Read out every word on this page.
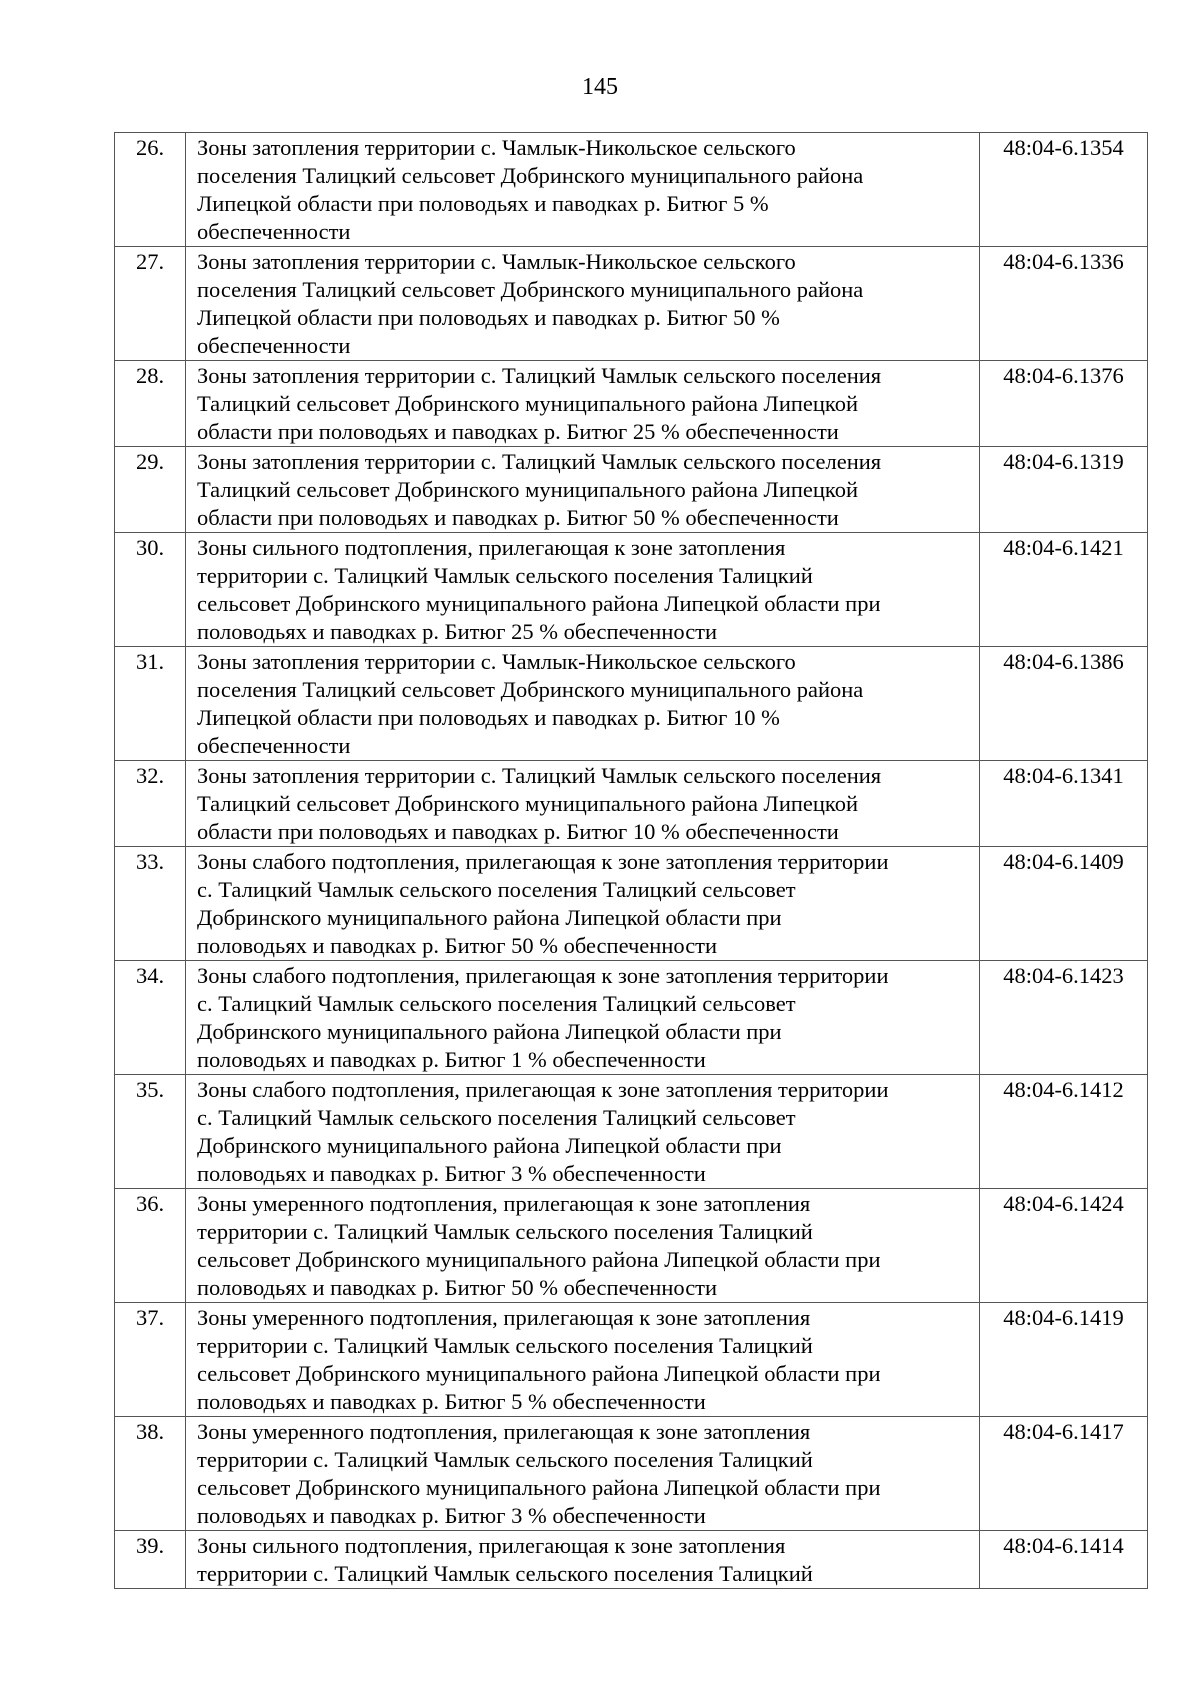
145
26.	Зоны затопления территории с. Чамлык-Никольское сельского
поселения Талицкий сельсовет Добринского муниципального района
Липецкой области при половодьях и паводках р. Битюг 5 %
обеспеченности	48:04-6.1354
27.	Зоны затопления территории с. Чамлык-Никольское сельского
поселения Талицкий сельсовет Добринского муниципального района
Липецкой области при половодьях и паводках р. Битюг 50 %
обеспеченности	48:04-6.1336
28.	Зоны затопления территории с. Талицкий Чамлык сельского поселения
Талицкий сельсовет Добринского муниципального района Липецкой
области при половодьях и паводках р. Битюг 25 % обеспеченности	48:04-6.1376
29.	Зоны затопления территории с. Талицкий Чамлык сельского поселения
Талицкий сельсовет Добринского муниципального района Липецкой
области при половодьях и паводках р. Битюг 50 % обеспеченности	48:04-6.1319
30.	Зоны сильного подтопления, прилегающая к зоне затопления
территории с. Талицкий Чамлык сельского поселения Талицкий
сельсовет Добринского муниципального района Липецкой области при
половодьях и паводках р. Битюг 25 % обеспеченности	48:04-6.1421
31.	Зоны затопления территории с. Чамлык-Никольское сельского
поселения Талицкий сельсовет Добринского муниципального района
Липецкой области при половодьях и паводках р. Битюг 10 %
обеспеченности	48:04-6.1386
32.	Зоны затопления территории с. Талицкий Чамлык сельского поселения
Талицкий сельсовет Добринского муниципального района Липецкой
области при половодьях и паводках р. Битюг 10 % обеспеченности	48:04-6.1341
33.	Зоны слабого подтопления, прилегающая к зоне затопления территории
с. Талицкий Чамлык сельского поселения Талицкий сельсовет
Добринского муниципального района Липецкой области при
половодьях и паводках р. Битюг 50 % обеспеченности	48:04-6.1409
34.	Зоны слабого подтопления, прилегающая к зоне затопления территории
с. Талицкий Чамлык сельского поселения Талицкий сельсовет
Добринского муниципального района Липецкой области при
половодьях и паводках р. Битюг 1 % обеспеченности	48:04-6.1423
35.	Зоны слабого подтопления, прилегающая к зоне затопления территории
с. Талицкий Чамлык сельского поселения Талицкий сельсовет
Добринского муниципального района Липецкой области при
половодьях и паводках р. Битюг 3 % обеспеченности	48:04-6.1412
36.	Зоны умеренного подтопления, прилегающая к зоне затопления
территории с. Талицкий Чамлык сельского поселения Талицкий
сельсовет Добринского муниципального района Липецкой области при
половодьях и паводках р. Битюг 50 % обеспеченности	48:04-6.1424
37.	Зоны умеренного подтопления, прилегающая к зоне затопления
территории с. Талицкий Чамлык сельского поселения Талицкий
сельсовет Добринского муниципального района Липецкой области при
половодьях и паводках р. Битюг 5 % обеспеченности	48:04-6.1419
38.	Зоны умеренного подтопления, прилегающая к зоне затопления
территории с. Талицкий Чамлык сельского поселения Талицкий
сельсовет Добринского муниципального района Липецкой области при
половодьях и паводках р. Битюг 3 % обеспеченности	48:04-6.1417
39.	Зоны сильного подтопления, прилегающая к зоне затопления
территории с. Талицкий Чамлык сельского поселения Талицкий	48:04-6.1414
